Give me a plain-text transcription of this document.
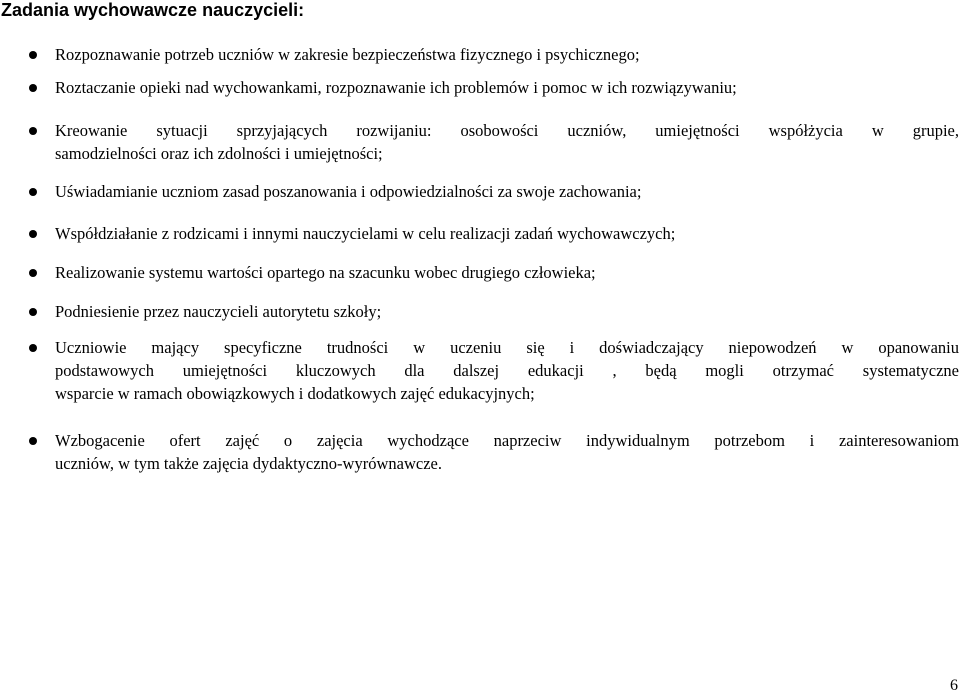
Zadania wychowawcze nauczycieli:
Rozpoznawanie potrzeb uczniów w zakresie bezpieczeństwa fizycznego i psychicznego;
Roztaczanie opieki nad wychowankami, rozpoznawanie ich problemów i pomoc w ich rozwiązywaniu;
Kreowanie sytuacji sprzyjających rozwijaniu: osobowości uczniów, umiejętności współżycia w grupie,
samodzielności oraz ich zdolności i umiejętności;
Uświadamianie uczniom zasad poszanowania i odpowiedzialności za swoje zachowania;
Współdziałanie z rodzicami i innymi nauczycielami w celu realizacji zadań wychowawczych;
Realizowanie systemu wartości opartego na szacunku wobec drugiego człowieka;
Podniesienie przez nauczycieli autorytetu szkoły;
Uczniowie mający specyficzne trudności w uczeniu się i doświadczający niepowodzeń w opanowaniu
podstawowych umiejętności kluczowych dla dalszej edukacji , będą mogli otrzymać systematyczne
wsparcie w ramach obowiązkowych i dodatkowych zajęć edukacyjnych;
Wzbogacenie ofert zajęć o zajęcia wychodzące naprzeciw indywidualnym potrzebom i zainteresowaniom
uczniów, w tym także zajęcia dydaktyczno-wyrównawcze.
6
